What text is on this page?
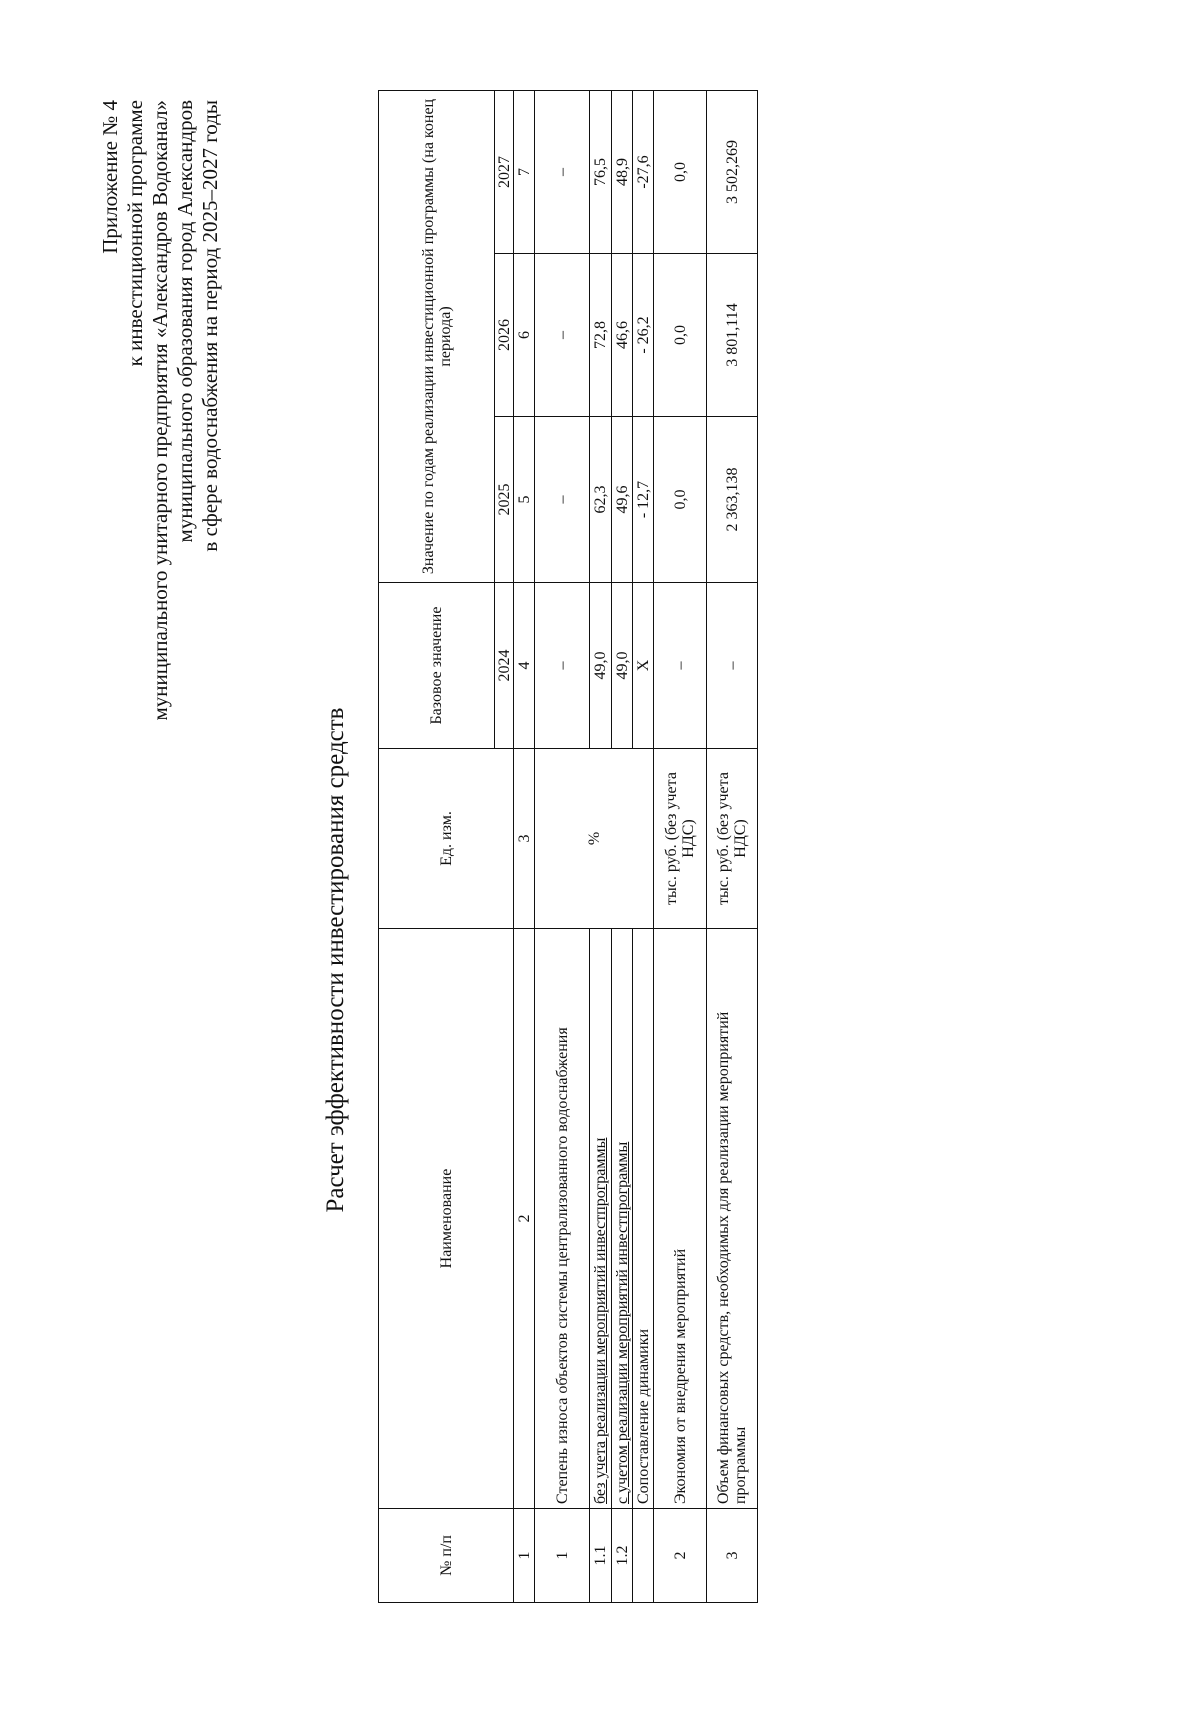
Приложение № 4 к инвестиционной программе муниципального унитарного предприятия «Александров Водоканал» муниципального образования город Александров в сфере водоснабжения на период 2025–2027 годы
Расчет эффективности инвестирования средств
№ п/п	Наименование	Ед. изм.	Базовое значение	Значение по годам реализации инвестиционной программы (на конец периода)		

			2024	2025	2026	2027
1	2	3	4	5	6	7
1	Степень износа объектов системы централизованного водоснабжения	%	–	–	–	–
1.1	без учета реализации мероприятий инвестпрограммы		49,0	62,3	72,8	76,5
1.2	с учетом реализации мероприятий инвестпрограммы		49,0	49,6	46,6	48,9
	Сопоставление динамики		Х	- 12,7	- 26,2	-27,6
2	Экономия от внедрения мероприятий	тыс. руб. (без учета НДС)	–	0,0	0,0	0,0
3	Объем финансовых средств, необходимых для реализации мероприятий программы	тыс. руб. (без учета НДС)	–	2 363,138	3 801,114	3 502,269
